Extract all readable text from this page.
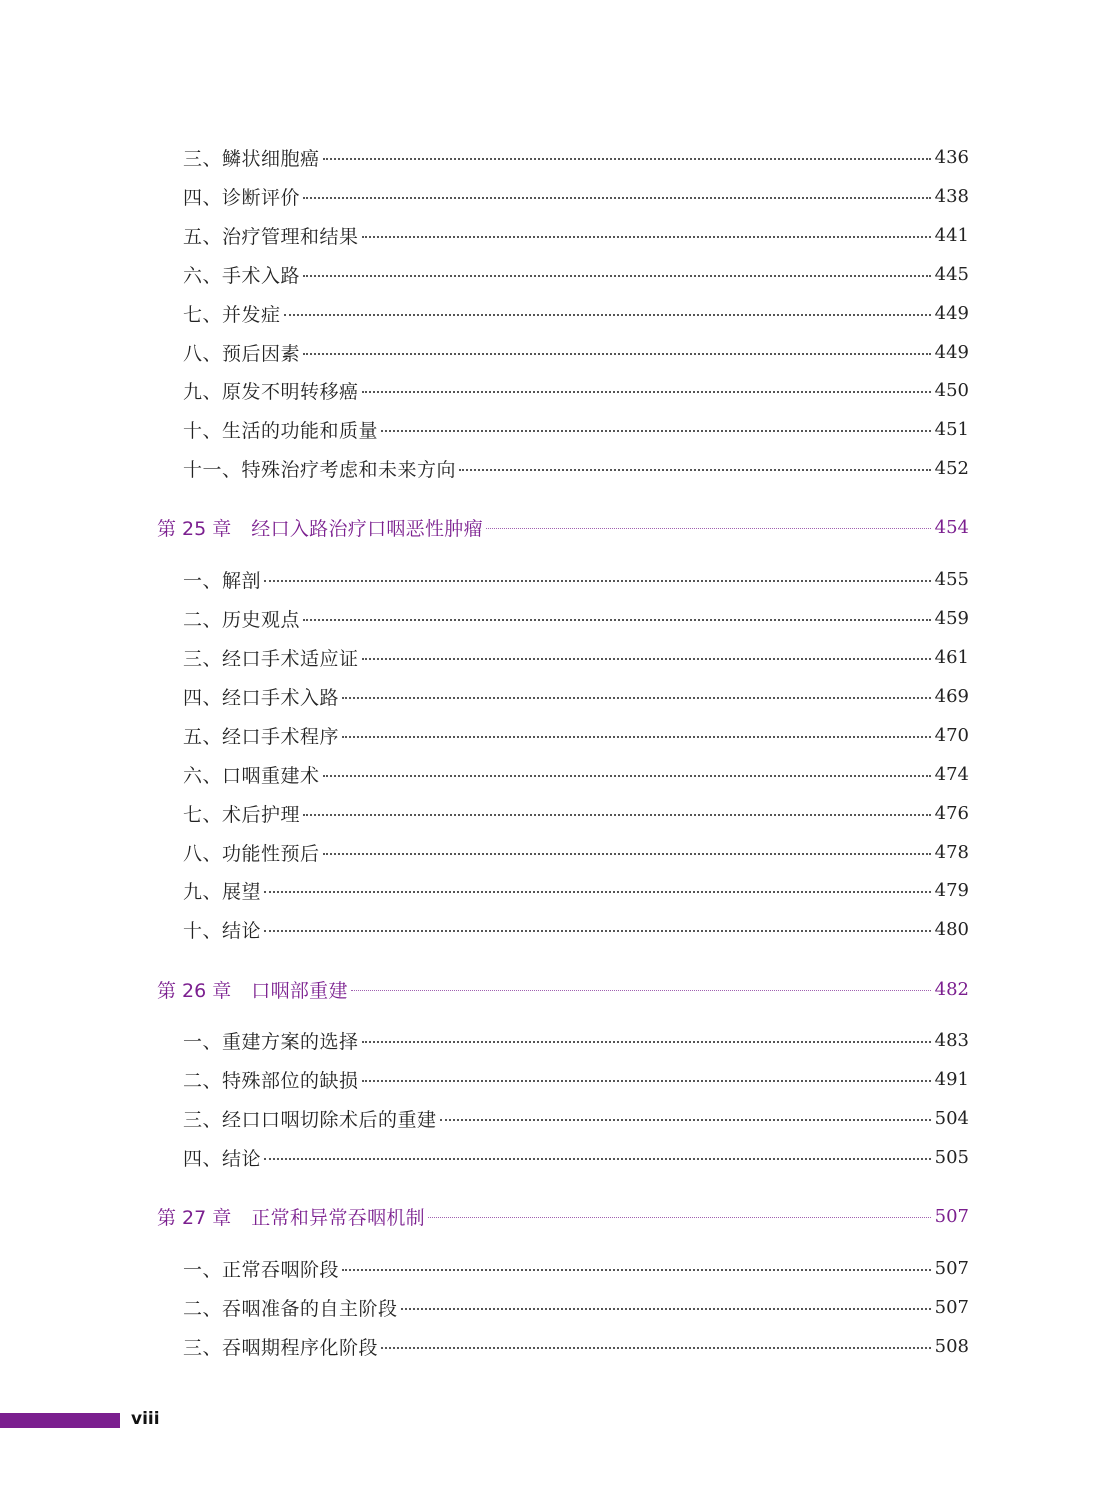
三、鳞状细胞癌	436
四、诊断评价	438
五、治疗管理和结果	441
六、手术入路	445
七、并发症	449
八、预后因素	449
九、原发不明转移癌	450
十、生活的功能和质量	451
十一、特殊治疗考虑和未来方向	452
第 25 章 经口入路治疗口咽恶性肿瘤	454
一、解剖	455
二、历史观点	459
三、经口手术适应证	461
四、经口手术入路	469
五、经口手术程序	470
六、口咽重建术	474
七、术后护理	476
八、功能性预后	478
九、展望	479
十、结论	480
第 26 章 口咽部重建	482
一、重建方案的选择	483
二、特殊部位的缺损	491
三、经口口咽切除术后的重建	504
四、结论	505
第 27 章 正常和异常吞咽机制	507
一、正常吞咽阶段	507
二、吞咽准备的自主阶段	507
三、吞咽期程序化阶段	508
viii
